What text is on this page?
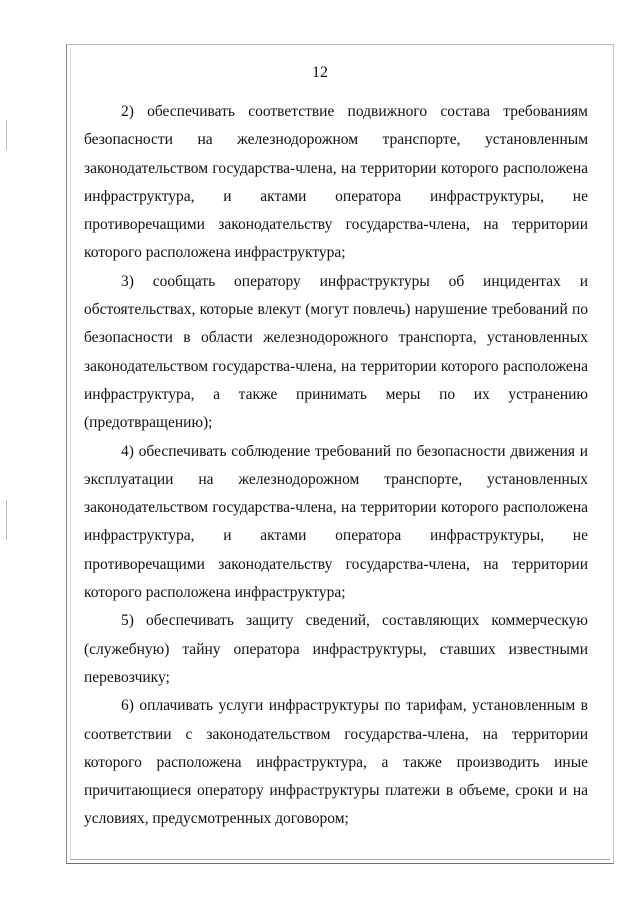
12

2) обеспечивать соответствие подвижного состава требованиям безопасности на железнодорожном транспорте, установленным законодательством государства-члена, на территории которого расположена инфраструктура, и актами оператора инфраструктуры, не противоречащими законодательству государства-члена, на территории которого расположена инфраструктура;

3) сообщать оператору инфраструктуры об инцидентах и обстоятельствах, которые влекут (могут повлечь) нарушение требований по безопасности в области железнодорожного транспорта, установленных законодательством государства-члена, на территории которого расположена инфраструктура, а также принимать меры по их устранению (предотвращению);

4) обеспечивать соблюдение требований по безопасности движения и эксплуатации на железнодорожном транспорте, установленных законодательством государства-члена, на территории которого расположена инфраструктура, и актами оператора инфраструктуры, не противоречащими законодательству государства-члена, на территории которого расположена инфраструктура;

5) обеспечивать защиту сведений, составляющих коммерческую (служебную) тайну оператора инфраструктуры, ставших известными перевозчику;

6) оплачивать услуги инфраструктуры по тарифам, установленным в соответствии с законодательством государства-члена, на территории которого расположена инфраструктура, а также производить иные причитающиеся оператору инфраструктуры платежи в объеме, сроки и на условиях, предусмотренных договором;
